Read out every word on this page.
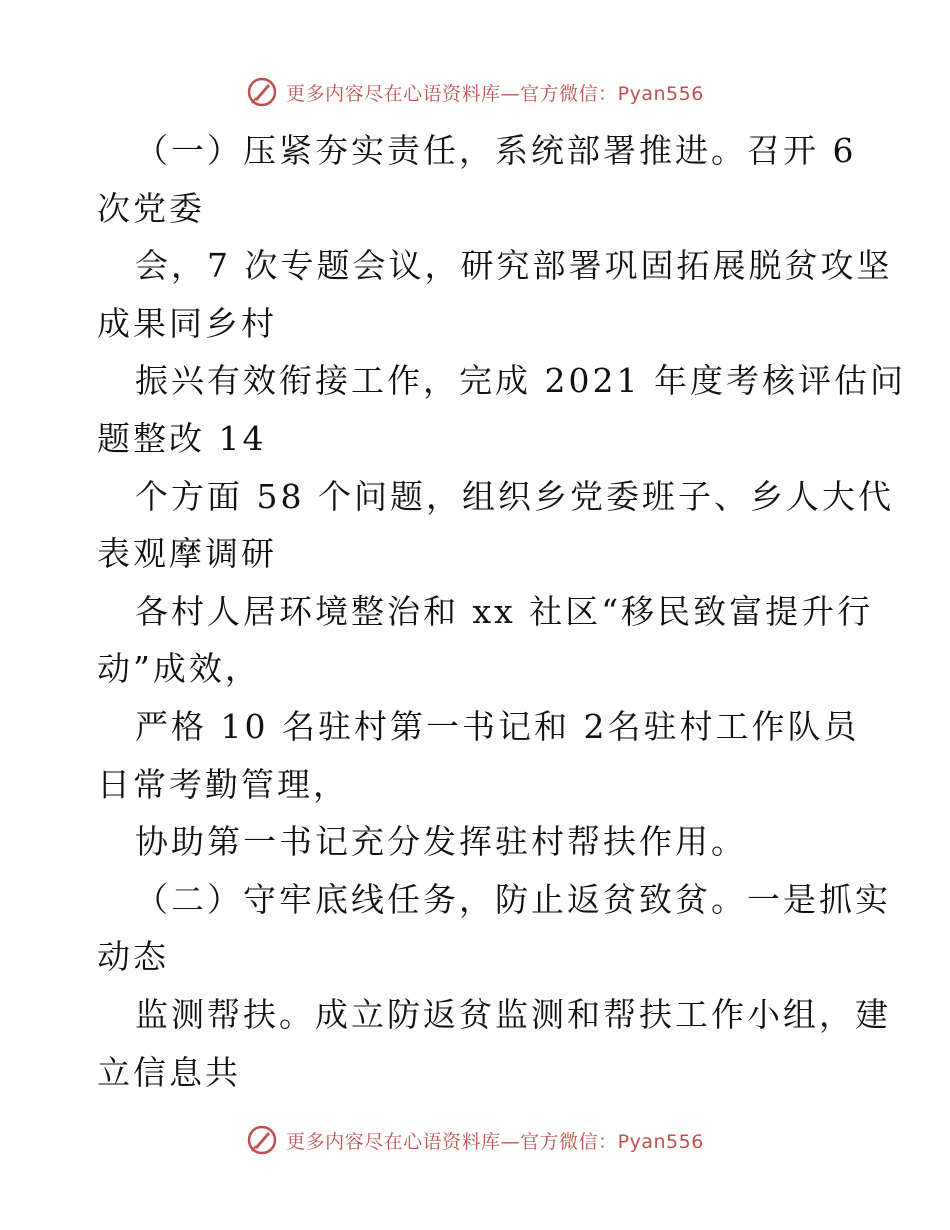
更多内容尽在心语资料库—官方微信：Pyan556
（一）压紧夯实责任，系统部署推进。召开 6
次党委
会，7 次专题会议，研究部署巩固拓展脱贫攻坚
成果同乡村
振兴有效衔接工作，完成 2021 年度考核评估问
题整改 14
个方面 58 个问题，组织乡党委班子、乡人大代
表观摩调研
各村人居环境整治和 xx 社区“移民致富提升行
动”成效，
严格 10 名驻村第一书记和 2名驻村工作队员
日常考勤管理，
协助第一书记充分发挥驻村帮扶作用。
（二）守牢底线任务，防止返贫致贫。一是抓实
动态
监测帮扶。成立防返贫监测和帮扶工作小组，建
立信息共
更多内容尽在心语资料库—官方微信：Pyan556
